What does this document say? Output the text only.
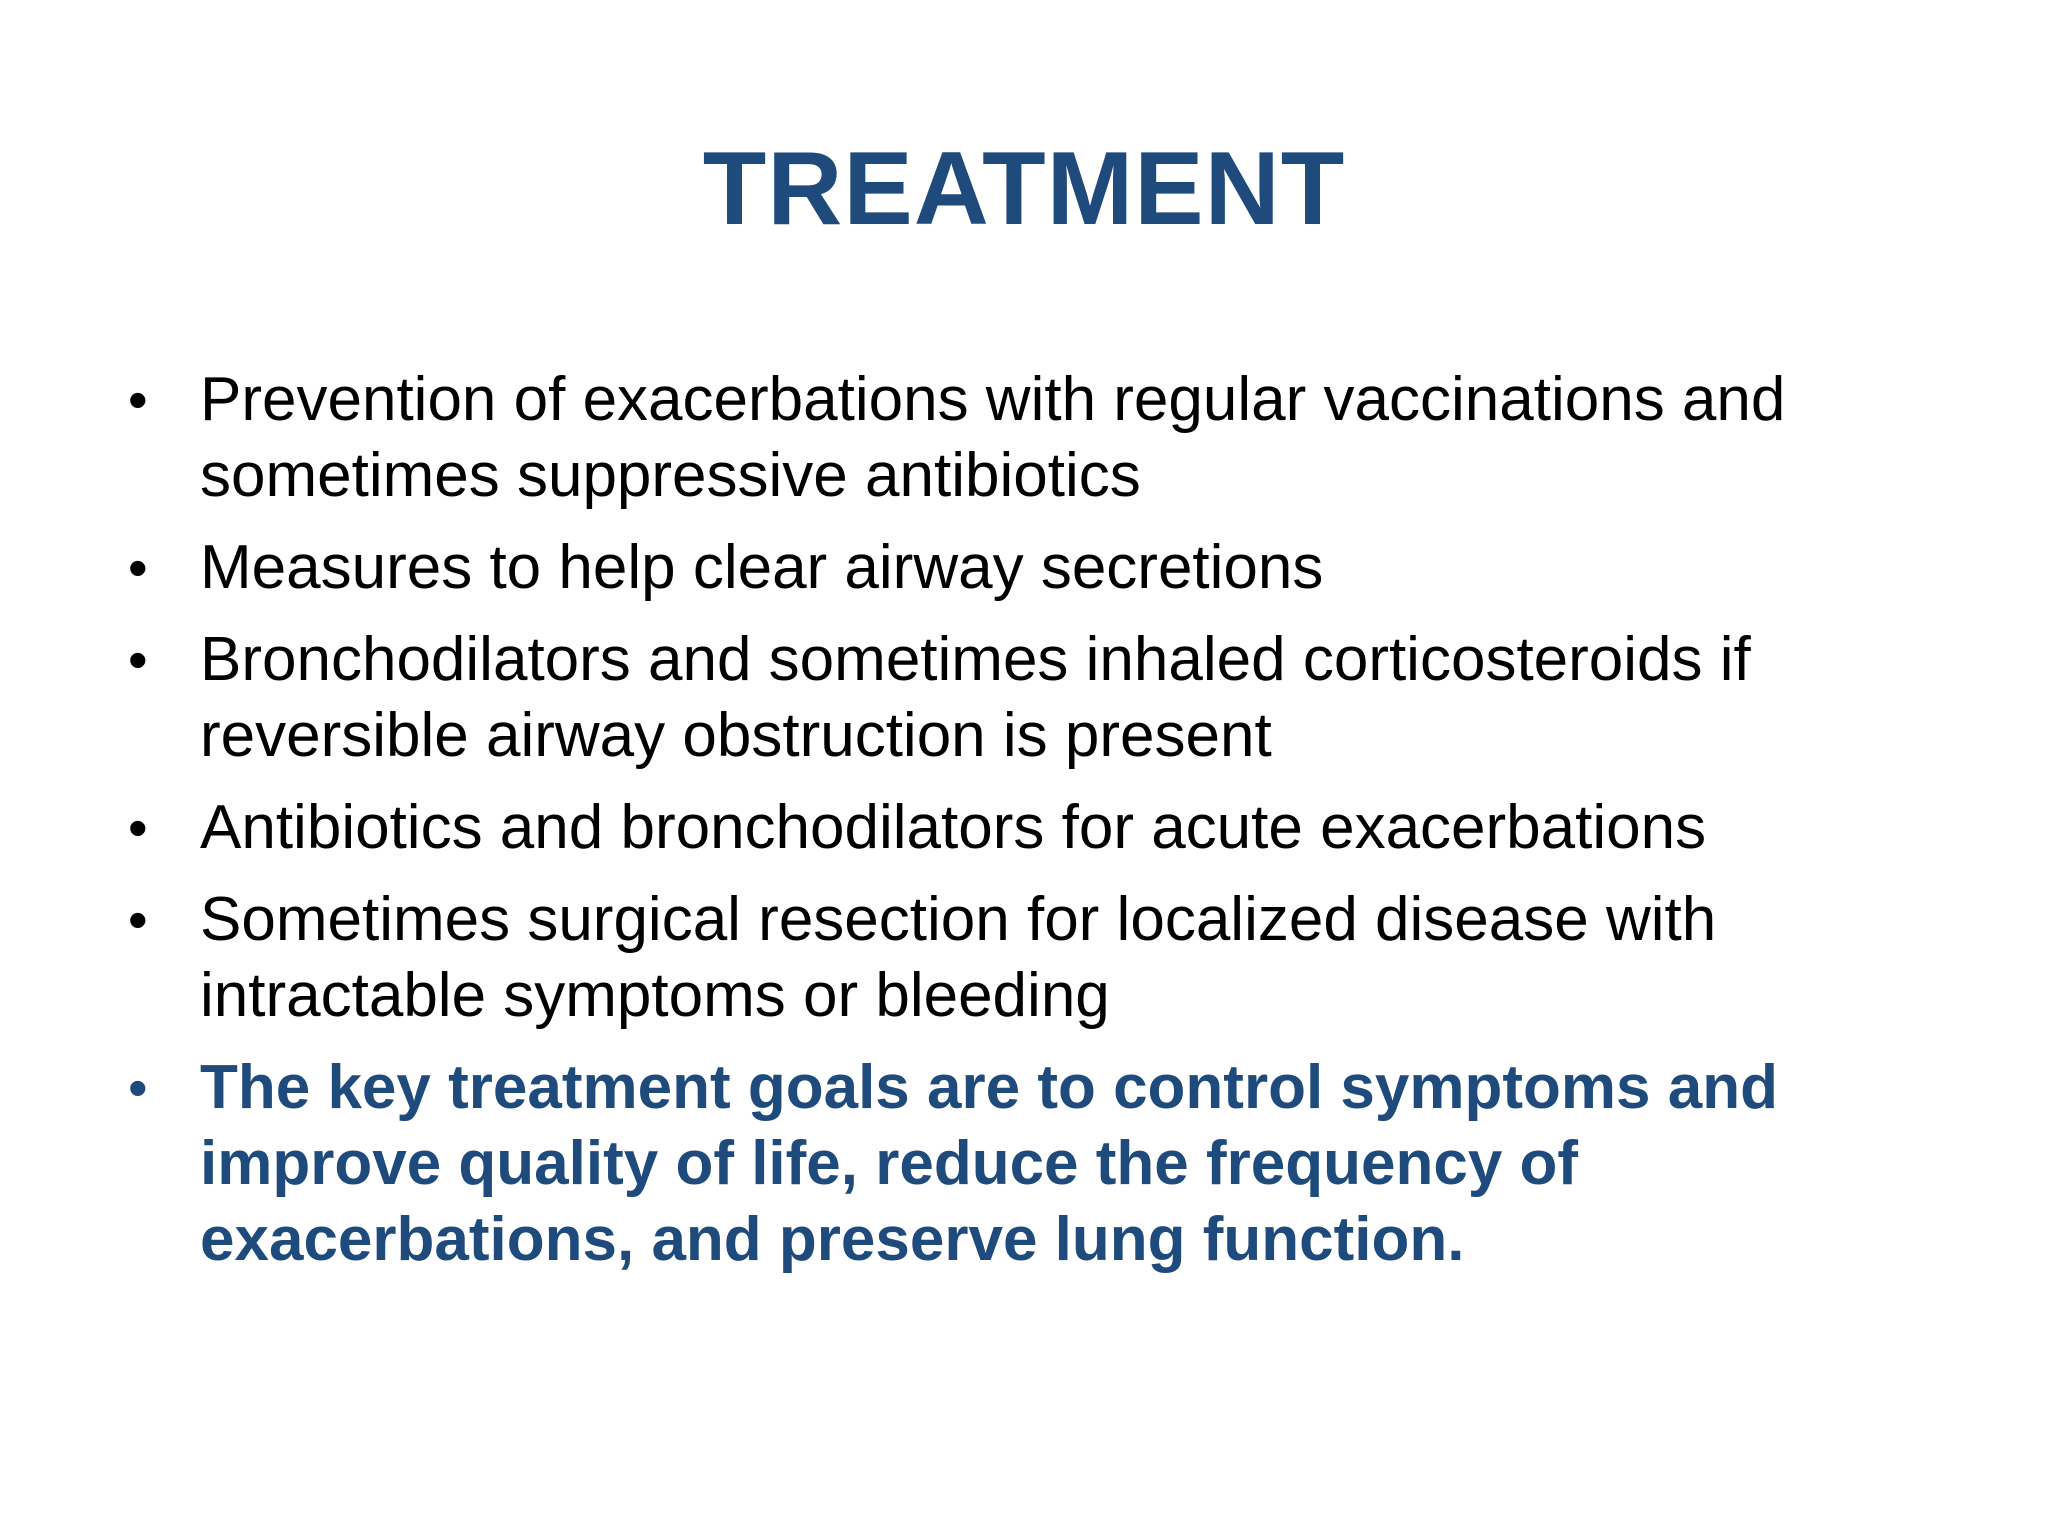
TREATMENT
• Prevention of exacerbations with regular vaccinations and sometimes suppressive antibiotics
• Measures to help clear airway secretions
• Bronchodilators and sometimes inhaled corticosteroids if reversible airway obstruction is present
• Antibiotics and bronchodilators for acute exacerbations
• Sometimes surgical resection for localized disease with intractable symptoms or bleeding
• The key treatment goals are to control symptoms and improve quality of life, reduce the frequency of exacerbations, and preserve lung function.
